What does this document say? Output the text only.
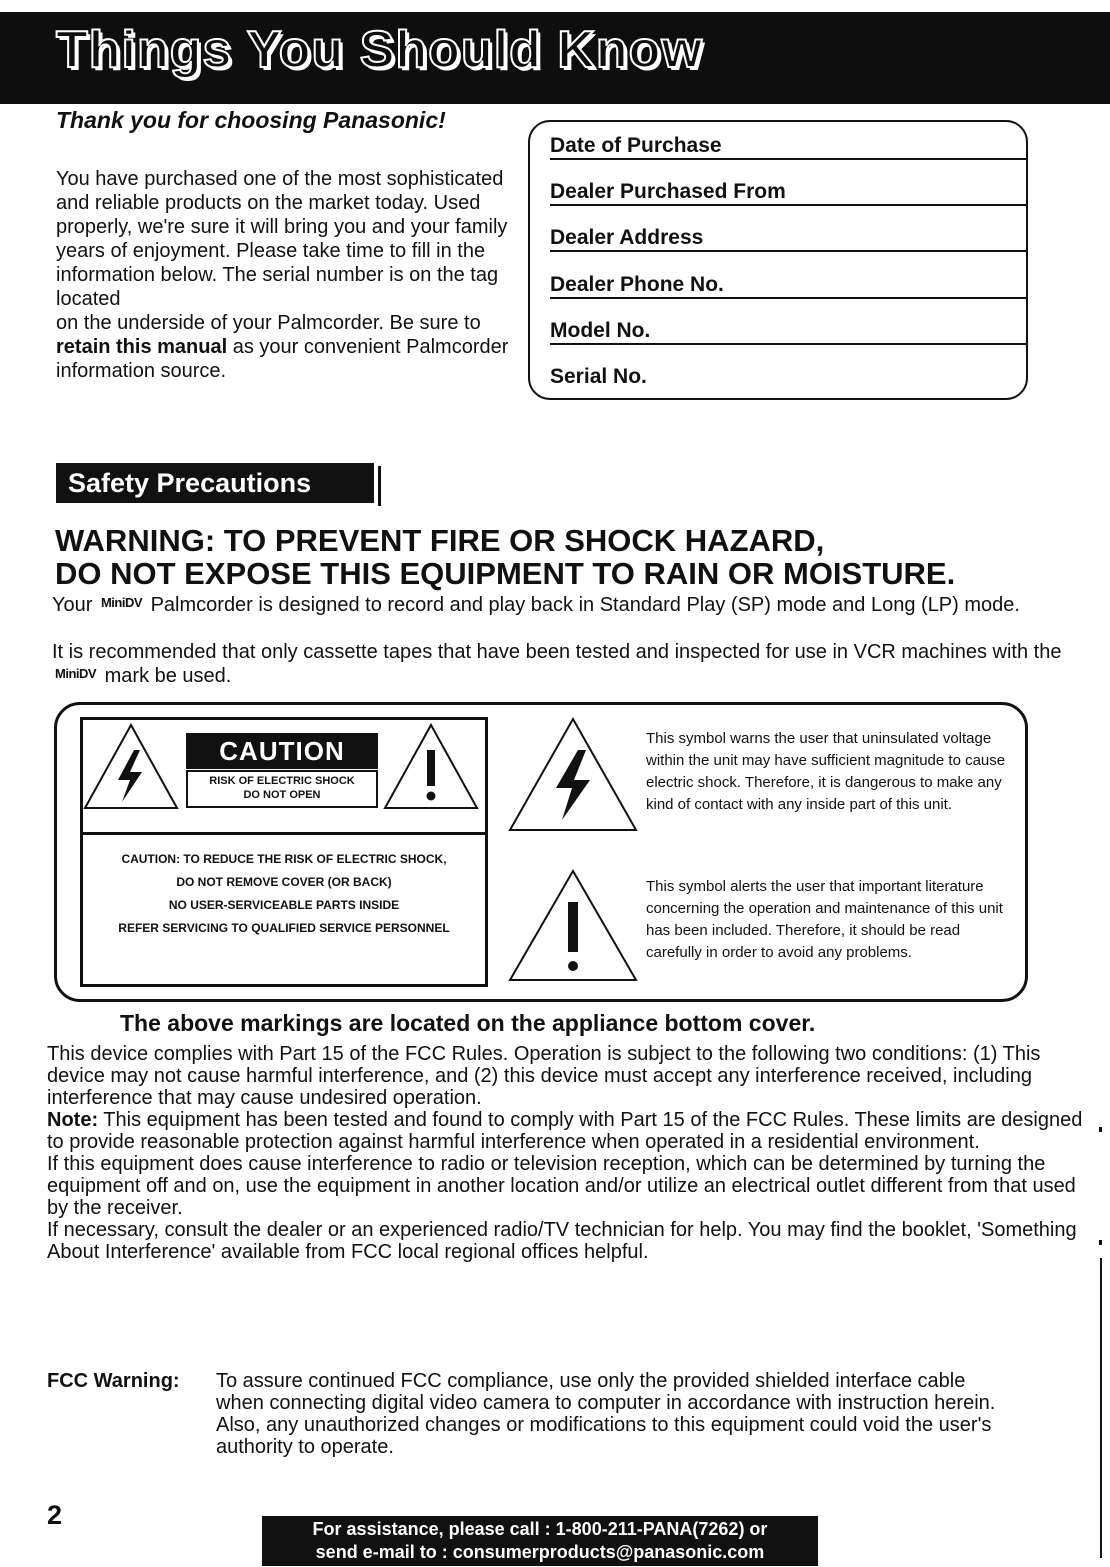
Things You Should Know
Thank you for choosing Panasonic!

You have purchased one of the most sophisticated and reliable products on the market today. Used properly, we're sure it will bring you and your family years of enjoyment. Please take time to fill in the information below. The serial number is on the tag located

on the underside of your Palmcorder. Be sure to retain this manual as your convenient Palmcorder information source.

Date of Purchase
Dealer Purchased From
Dealer Address
Dealer Phone No.
Model No.
Serial No.
Safety Precautions
WARNING: TO PREVENT FIRE OR SHOCK HAZARD,
DO NOT EXPOSE THIS EQUIPMENT TO RAIN OR MOISTURE.
Your MiniDV Palmcorder is designed to record and play back in Standard Play (SP) mode and Long (LP) mode.
It is recommended that only cassette tapes that have been tested and inspected for use in VCR machines with the MiniDV mark be used.
CAUTION
RISK OF ELECTRIC SHOCK
DO NOT OPEN
CAUTION: TO REDUCE THE RISK OF ELECTRIC SHOCK,
DO NOT REMOVE COVER (OR BACK)
NO USER-SERVICEABLE PARTS INSIDE
REFER SERVICING TO QUALIFIED SERVICE PERSONNEL
This symbol warns the user that uninsulated voltage within the unit may have sufficient magnitude to cause electric shock. Therefore, it is dangerous to make any kind of contact with any inside part of this unit.
This symbol alerts the user that important literature concerning the operation and maintenance of this unit has been included. Therefore, it should be read carefully in order to avoid any problems.
The above markings are located on the appliance bottom cover.

This device complies with Part 15 of the FCC Rules. Operation is subject to the following two conditions: (1) This device may not cause harmful interference, and (2) this device must accept any interference received, including interference that may cause undesired operation.

Note: This equipment has been tested and found to comply with Part 15 of the FCC Rules. These limits are designed to provide reasonable protection against harmful interference when operated in a residential environment.

If this equipment does cause interference to radio or television reception, which can be determined by turning the equipment off and on, use the equipment in another location and/or utilize an electrical outlet different from that used by the receiver.

If necessary, consult the dealer or an experienced radio/TV technician for help. You may find the booklet, 'Something About Interference' available from FCC local regional offices helpful.

FCC Warning: To assure continued FCC compliance, use only the provided shielded interface cable when connecting digital video camera to computer in accordance with instruction herein. Also, any unauthorized changes or modifications to this equipment could void the user's authority to operate.
2	For assistance, please call : 1-800-211-PANA(7262) or
send e-mail to : consumerproducts@panasonic.com
